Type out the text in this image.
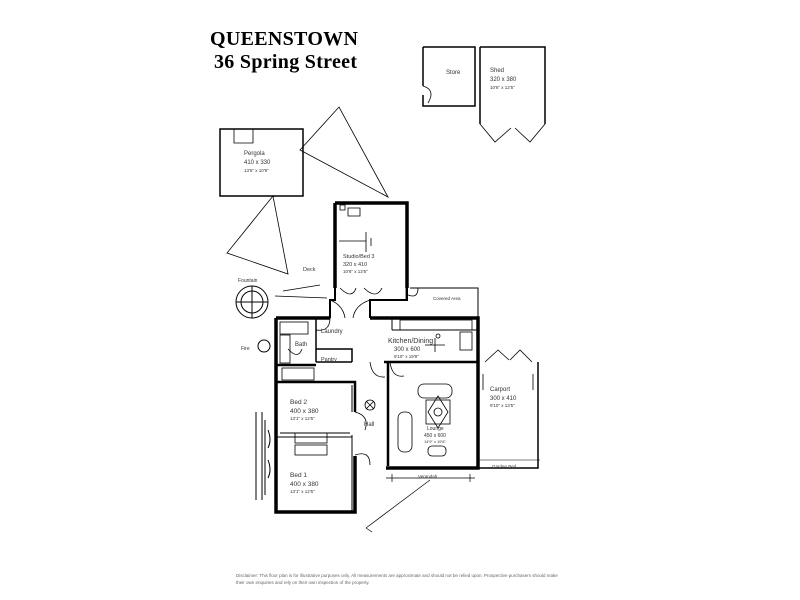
QUEENSTOWN
36 Spring Street	Store	Shed
320 x 380
10'6" x 12'5"
Pergola
410 x 330
13'5" x 10'9"
Studio/Bed 3
320 x 410
10'6" x 13'5"
Deck
Fountain
Covered Area
Fire
Laundry
Bath
Pantry
Kitchen/Dining
300 x 600
9'10" x 19'8"
Lounge
450 x 600
14'9" x 19'8"
Carport
300 x 410
9'10" x 13'5"
Bed 2
400 x 380
13'1" x 12'5"
Hall
Bed 1
400 x 380
13'1" x 12'5"
Verandah
Garden Bed
Disclaimer: This floor plan is for illustrative purposes only. All measurements are approximate and should not be relied upon. Prospective purchasers should make their own enquiries and rely on their own inspection of the property.
